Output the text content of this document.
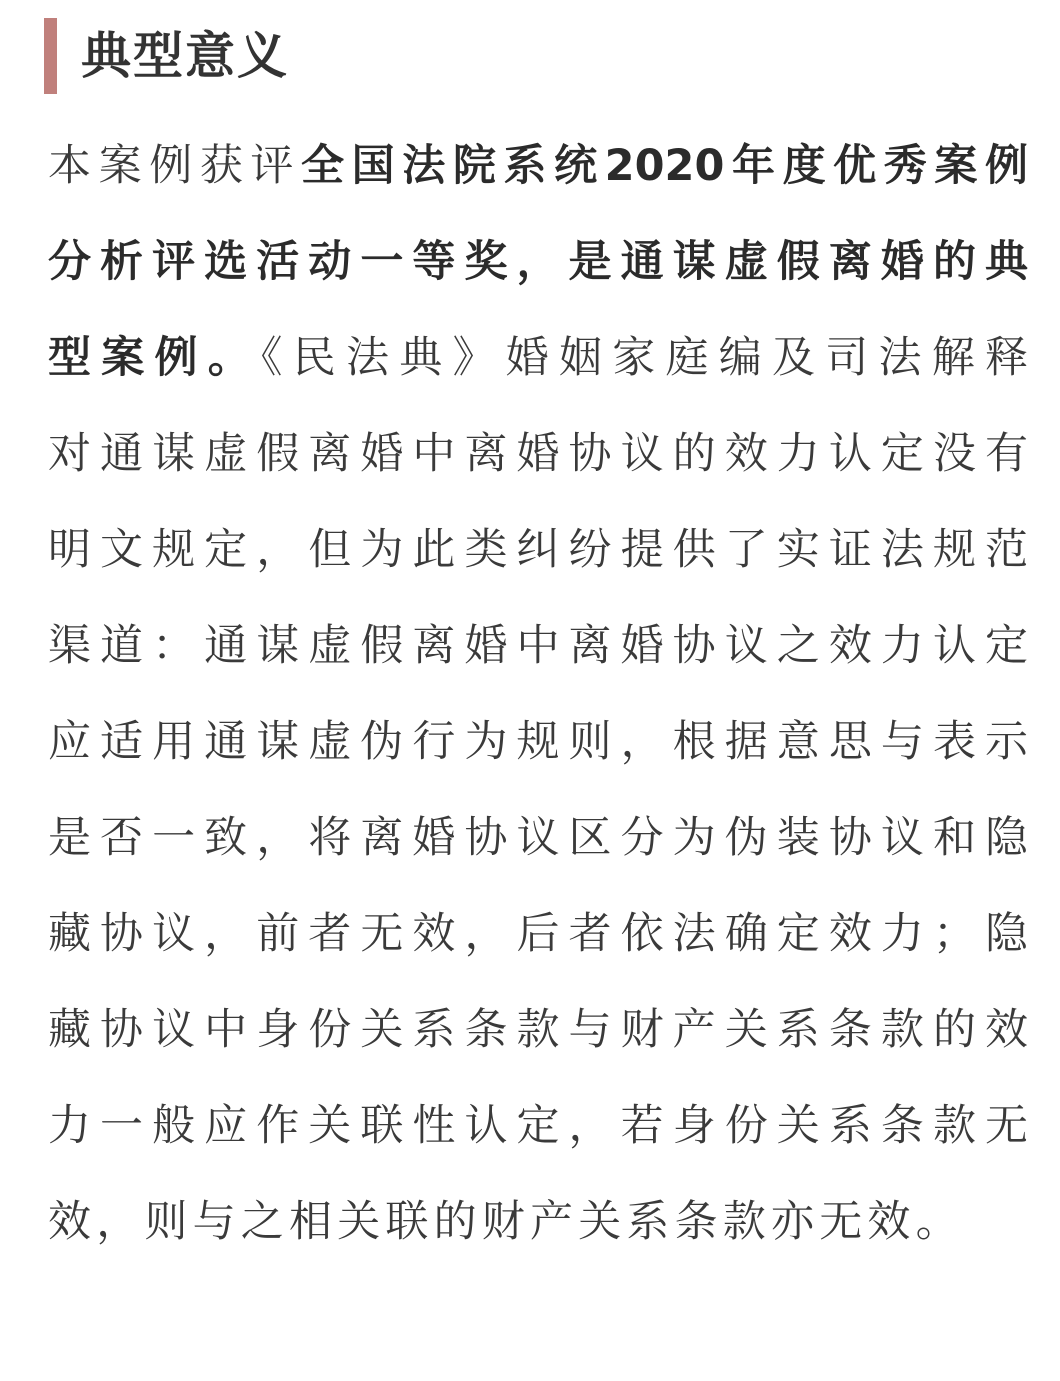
典型意义
本案例获评全国法院系统2020年度优秀案例
分析评选活动一等奖，是通谋虚假离婚的典
型案例。《民法典》婚姻家庭编及司法解释
对通谋虚假离婚中离婚协议的效力认定没有
明文规定，但为此类纠纷提供了实证法规范
渠道：通谋虚假离婚中离婚协议之效力认定
应适用通谋虚伪行为规则，根据意思与表示
是否一致，将离婚协议区分为伪装协议和隐
藏协议，前者无效，后者依法确定效力；隐
藏协议中身份关系条款与财产关系条款的效
力一般应作关联性认定，若身份关系条款无
效，则与之相关联的财产关系条款亦无效。
